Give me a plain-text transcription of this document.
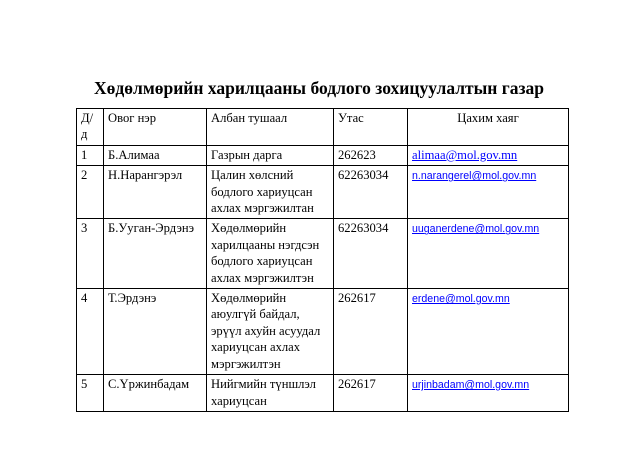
Хөдөлмөрийн харилцааны бодлого зохицуулалтын газар
Д/д	Овог нэр	Албан тушаал	Утас	Цахим хаяг
1	Б.Алимаа	Газрын дарга	262623	alimaa@mol.gov.mn
2	Н.Нарангэрэл	Цалин хөлсний бодлого хариуцсан ахлах мэргэжилтан	62263034	n.narangerel@mol.gov.mn
3	Б.Ууган-Эрдэнэ	Хөдөлмөрийн харилцааны нэгдсэн бодлого хариуцсан ахлах мэргэжилтэн	62263034	uuganerdene@mol.gov.mn
4	Т.Эрдэнэ	Хөдөлмөрийн аюулгүй байдал, эрүүл ахуйн асуудал хариуцсан ахлах мэргэжилтэн	262617	erdene@mol.gov.mn
5	С.Үржинбадам	Нийгмийн түншлэл хариуцсан	262617	urjinbadam@mol.gov.mn
